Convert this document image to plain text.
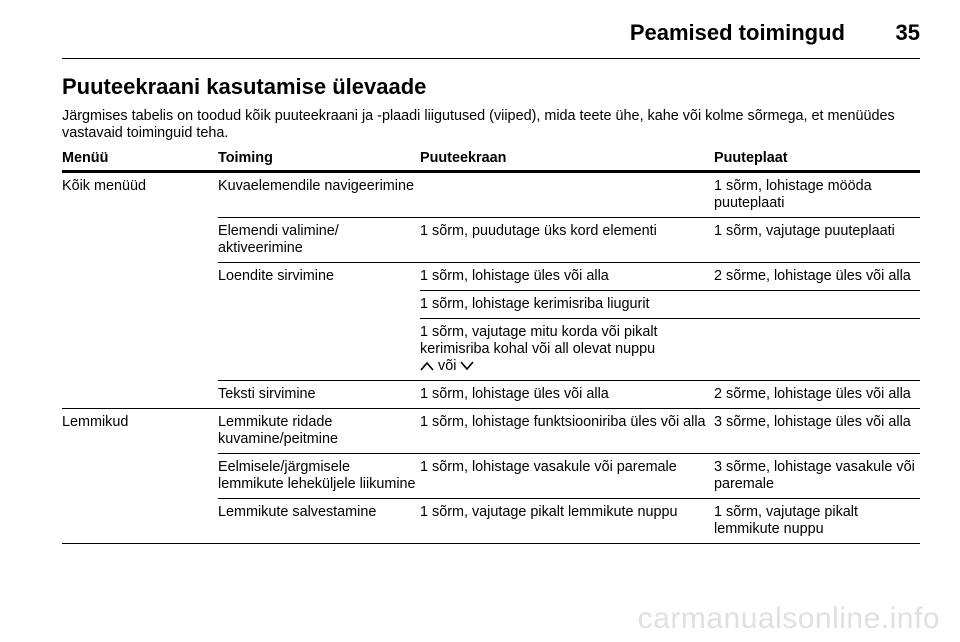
Peamised toimingud 35
Puuteekraani kasutamise ülevaade

Järgmises tabelis on toodud kõik puuteekraani ja -plaadi liigutused (viiped), mida teete ühe, kahe või kolme sõrmega, et menüüdes vastavaid toiminguid teha.

Menüü	Toiming	Puuteekraan	Puuteplaat
Kõik menüüd	Kuvaelemendile navigeerimine		1 sõrm, lohistage mööda puuteplaati
	Elemendi valimine/ aktiveerimine	1 sõrm, puudutage üks kord elementi	1 sõrm, vajutage puuteplaati
	Loendite sirvimine	1 sõrm, lohistage üles või alla	2 sõrme, lohistage üles või alla
		1 sõrm, lohistage kerimisriba liugurit	
		1 sõrm, vajutage mitu korda või pikalt kerimisriba kohal või all olevat nuppu
või	
	Teksti sirvimine	1 sõrm, lohistage üles või alla	2 sõrme, lohistage üles või alla
Lemmikud	Lemmikute ridade kuvamine/peitmine	1 sõrm, lohistage funktsiooniriba üles või alla	3 sõrme, lohistage üles või alla
	Eelmisele/järgmisele lemmikute leheküljele liikumine	1 sõrm, lohistage vasakule või paremale	3 sõrme, lohistage vasakule või paremale
	Lemmikute salvestamine	1 sõrm, vajutage pikalt lemmikute nuppu	1 sõrm, vajutage pikalt lemmikute nuppu
carmanualsonline.info
